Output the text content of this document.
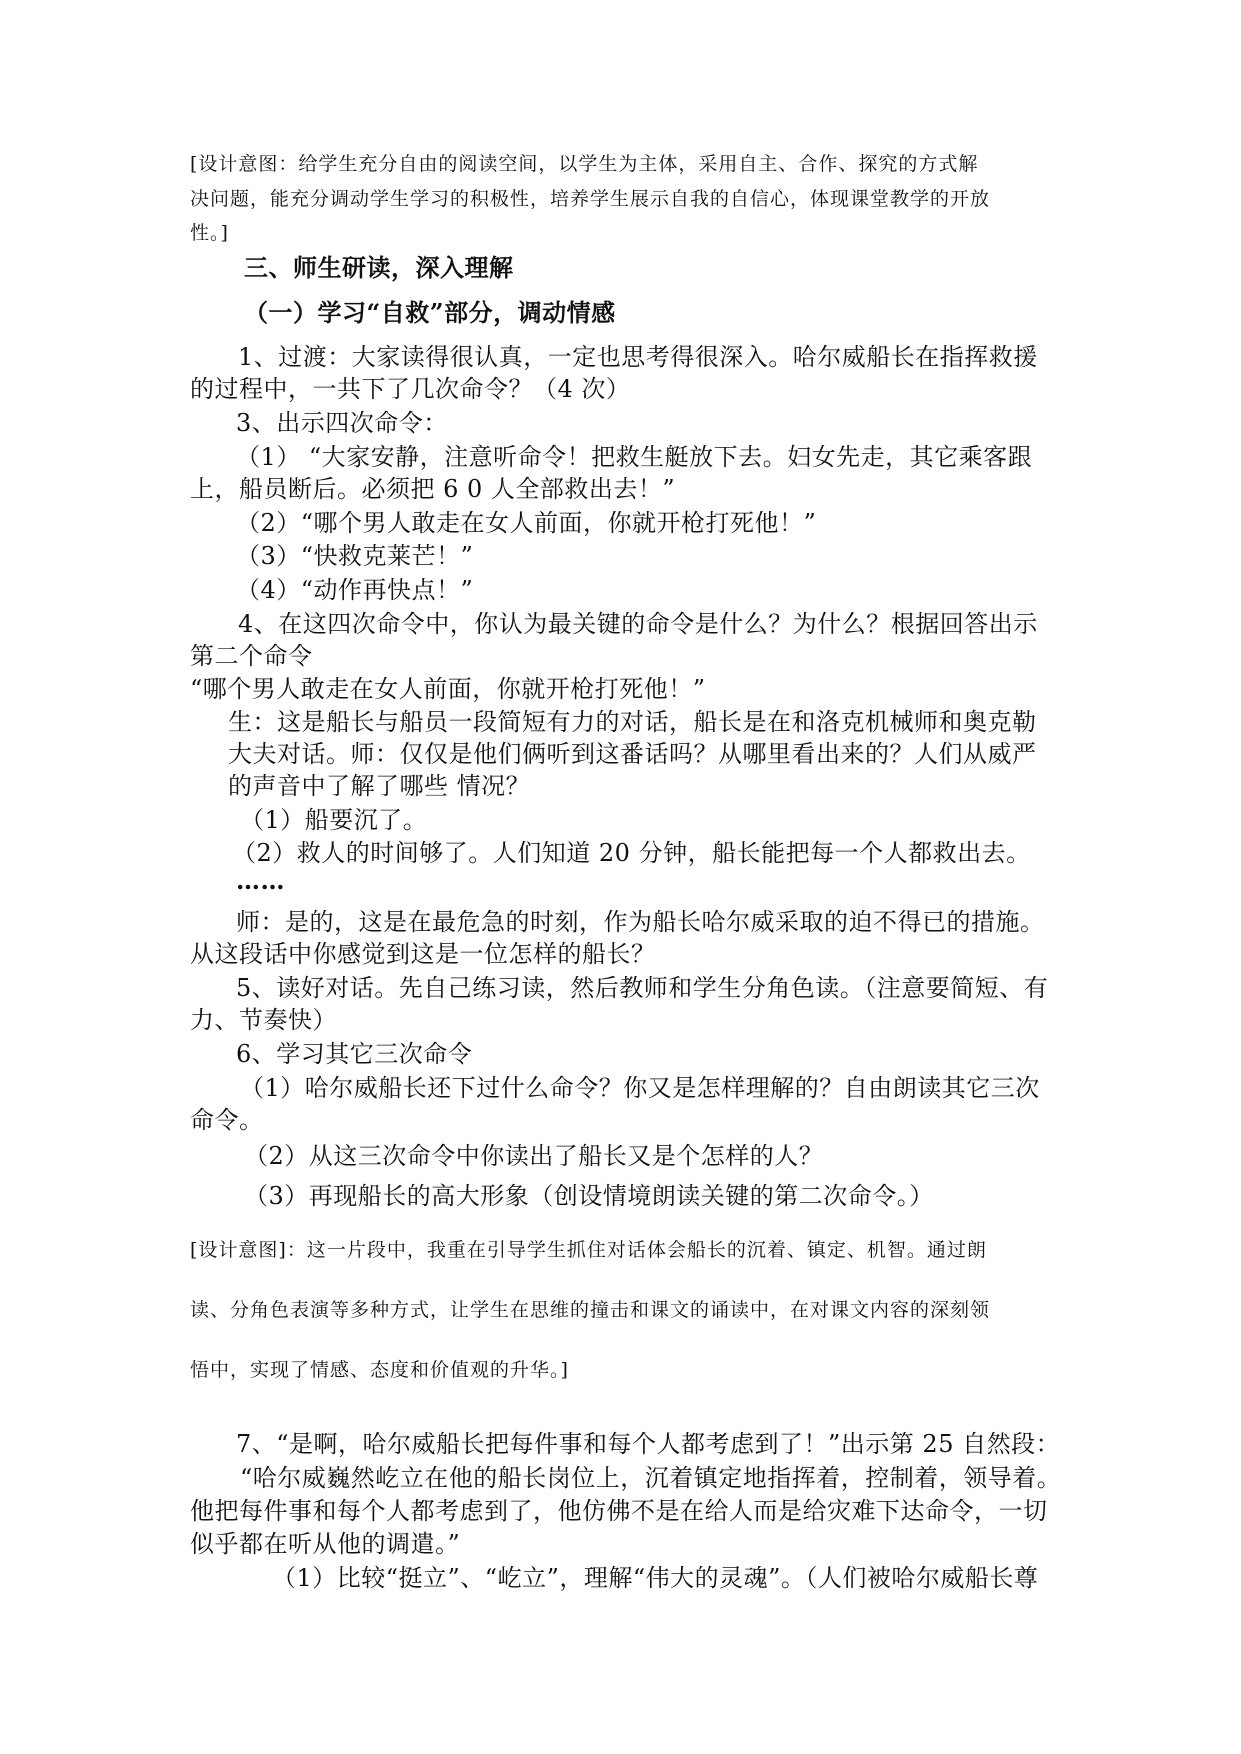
[设计意图：给学生充分自由的阅读空间，以学生为主体，采用自主、合作、探究的方式解
决问题，能充分调动学生学习的积极性，培养学生展示自我的自信心，体现课堂教学的开放
性。]
三、师生研读，深入理解
（一）学习“自救”部分，调动情感
1、过渡：大家读得很认真，一定也思考得很深入。哈尔威船长在指挥救援
的过程中，一共下了几次命令？（4 次）
3、出示四次命令：
（1） “大家安静，注意听命令！把救生艇放下去。妇女先走，其它乘客跟
上，船员断后。必须把 6 0 人全部救出去！”
（2）“哪个男人敢走在女人前面，你就开枪打死他！”
（3）“快救克莱芒！”
（4）“动作再快点！”
4、在这四次命令中，你认为最关键的命令是什么？为什么？根据回答出示
第二个命令
“哪个男人敢走在女人前面，你就开枪打死他！”
生：这是船长与船员一段简短有力的对话，船长是在和洛克机械师和奥克勒
大夫对话。师：仅仅是他们俩听到这番话吗？从哪里看出来的？人们从威严
的声音中了解了哪些 情况？
（1）船要沉了。
（2）救人的时间够了。人们知道 20 分钟，船长能把每一个人都救出去。
……
师：是的，这是在最危急的时刻，作为船长哈尔威采取的迫不得已的措施。
从这段话中你感觉到这是一位怎样的船长？
5、读好对话。先自己练习读，然后教师和学生分角色读。（注意要简短、有
力、节奏快）
6、学习其它三次命令
（1）哈尔威船长还下过什么命令？你又是怎样理解的？自由朗读其它三次
命令。
（2）从这三次命令中你读出了船长又是个怎样的人？
（3）再现船长的高大形象（创设情境朗读关键的第二次命令。）
[设计意图]：这一片段中，我重在引导学生抓住对话体会船长的沉着、镇定、机智。通过朗
读、分角色表演等多种方式，让学生在思维的撞击和课文的诵读中，在对课文内容的深刻领
悟中，实现了情感、态度和价值观的升华。]
7、“是啊，哈尔威船长把每件事和每个人都考虑到了！”出示第 25 自然段：
“哈尔威巍然屹立在他的船长岗位上，沉着镇定地指挥着，控制着，领导着。
他把每件事和每个人都考虑到了，他仿佛不是在给人而是给灾难下达命令，一切
似乎都在听从他的调遣。”
（1）比较“挺立”、“屹立”，理解“伟大的灵魂”。（人们被哈尔威船长尊
